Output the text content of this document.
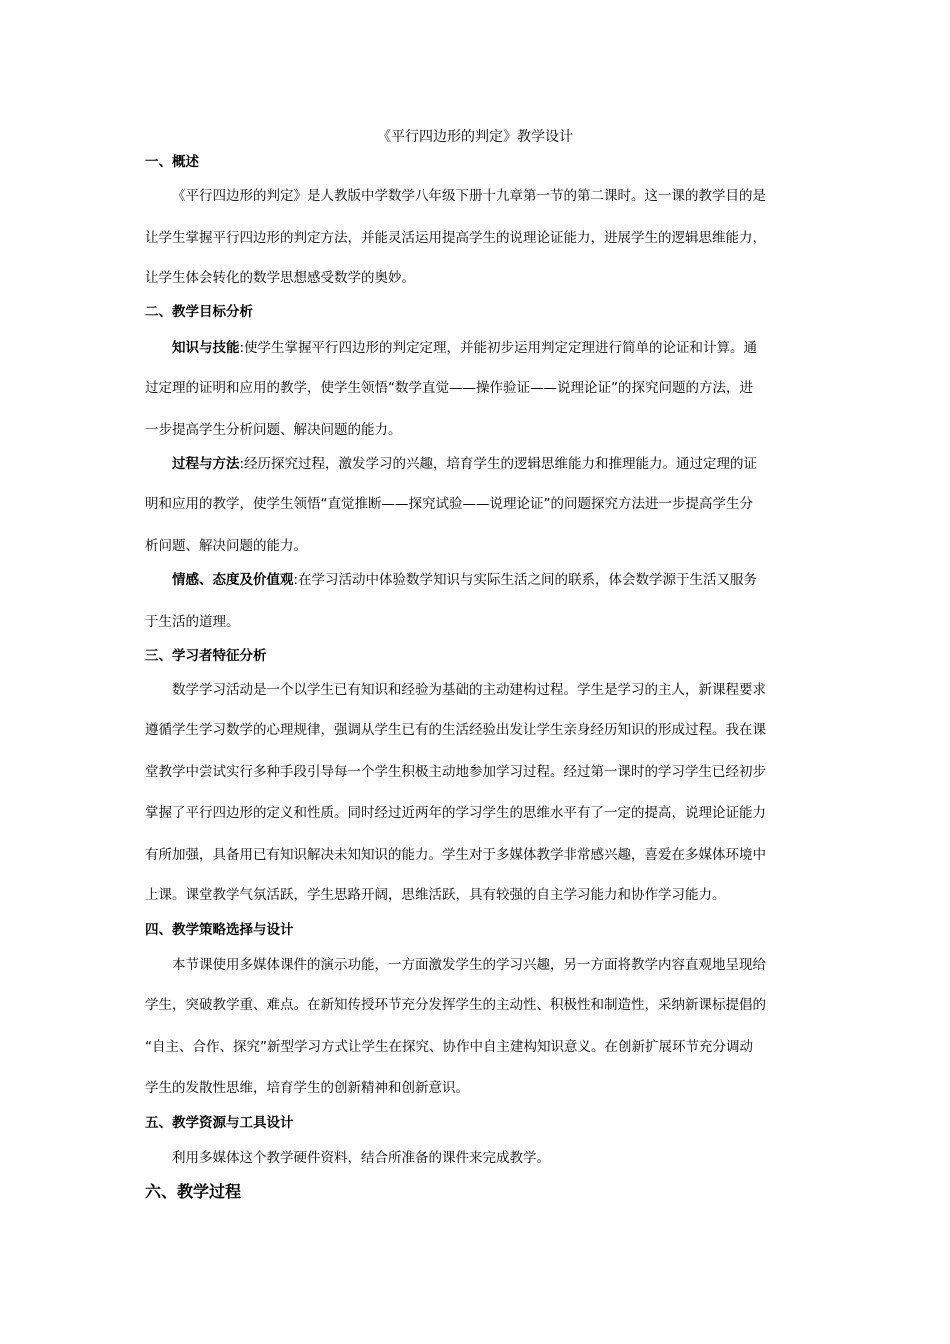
《平行四边形的判定》教学设计
一、概述
《平行四边形的判定》是人教版中学数学八年级下册十九章第一节的第二课时。这一课的教学目的是
让学生掌握平行四边形的判定方法，并能灵活运用提高学生的说理论证能力，进展学生的逻辑思维能力，
让学生体会转化的数学思想感受数学的奥妙。
二、教学目标分析
知识与技能:使学生掌握平行四边形的判定定理，并能初步运用判定定理进行简单的论证和计算。通
过定理的证明和应用的教学，使学生领悟“数学直觉——操作验证——说理论证”的探究问题的方法，进
一步提高学生分析问题、解决问题的能力。
过程与方法:经历探究过程，激发学习的兴趣，培育学生的逻辑思维能力和推理能力。通过定理的证
明和应用的教学，使学生领悟“直觉推断——探究试验——说理论证”的问题探究方法进一步提高学生分
析问题、解决问题的能力。
情感、态度及价值观:在学习活动中体验数学知识与实际生活之间的联系，体会数学源于生活又服务
于生活的道理。
三、学习者特征分析
数学学习活动是一个以学生已有知识和经验为基础的主动建构过程。学生是学习的主人，新课程要求
遵循学生学习数学的心理规律，强调从学生已有的生活经验出发让学生亲身经历知识的形成过程。我在课
堂教学中尝试实行多种手段引导每一个学生积极主动地参加学习过程。经过第一课时的学习学生已经初步
掌握了平行四边形的定义和性质。同时经过近两年的学习学生的思维水平有了一定的提高，说理论证能力
有所加强，具备用已有知识解决未知知识的能力。学生对于多媒体教学非常感兴趣，喜爱在多媒体环境中
上课。课堂教学气氛活跃，学生思路开阔，思维活跃，具有较强的自主学习能力和协作学习能力。
四、教学策略选择与设计
本节课使用多媒体课件的演示功能，一方面激发学生的学习兴趣，另一方面将教学内容直观地呈现给
学生，突破教学重、难点。在新知传授环节充分发挥学生的主动性、积极性和制造性，采纳新课标提倡的
“自主、合作、探究”新型学习方式让学生在探究、协作中自主建构知识意义。在创新扩展环节充分调动
学生的发散性思维，培育学生的创新精神和创新意识。
五、教学资源与工具设计
利用多媒体这个教学硬件资料，结合所准备的课件来完成教学。
六、教学过程
